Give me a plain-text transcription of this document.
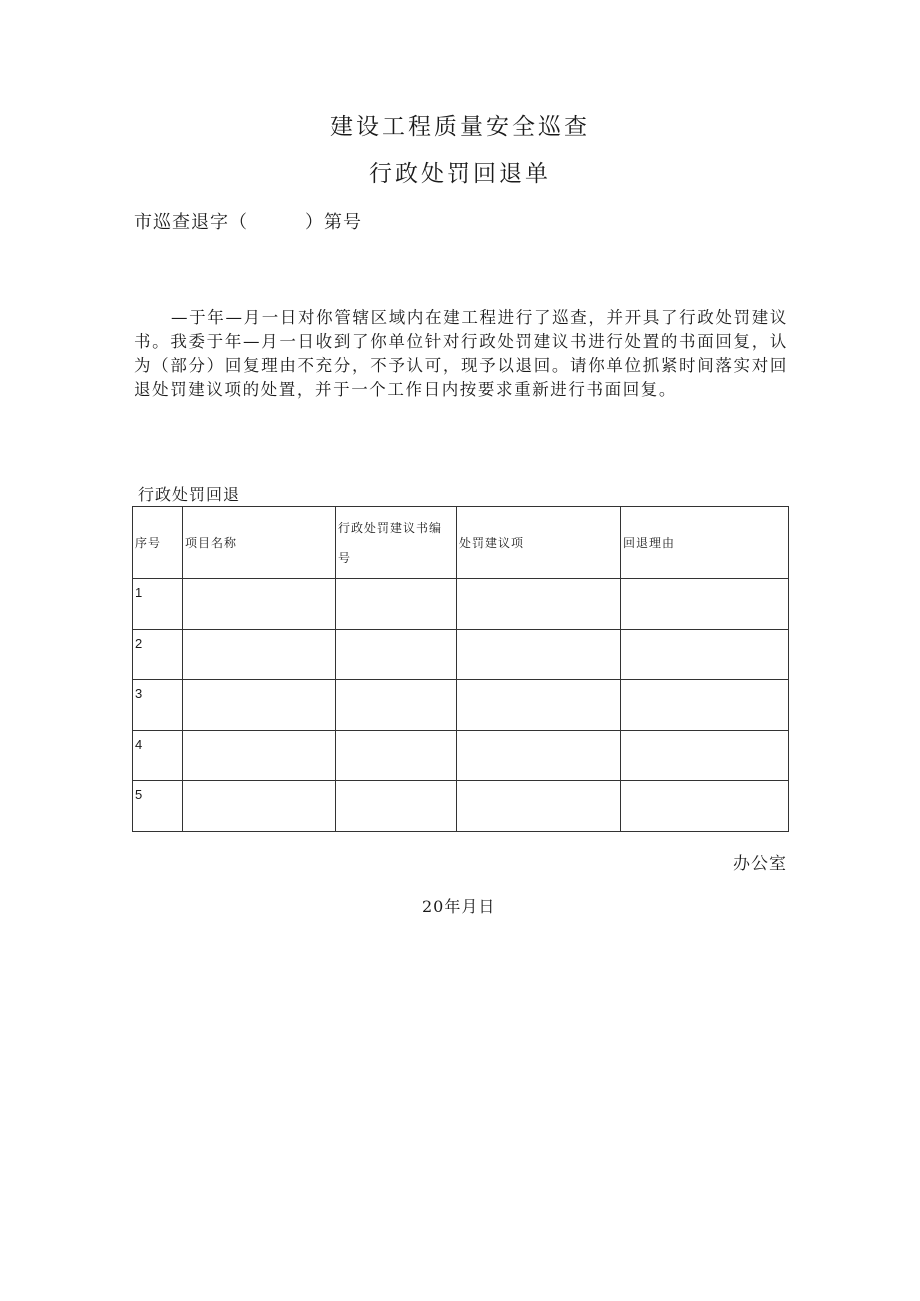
建设工程质量安全巡查
行政处罚回退单
市巡查退字（　　　）第号

—于年—月一日对你管辖区域内在建工程进行了巡查，并开具了行政处罚建议书。我委于年—月一日收到了你单位针对行政处罚建议书进行处置的书面回复，认为（部分）回复理由不充分，不予认可，现予以退回。请你单位抓紧时间落实对回退处罚建议项的处置，并于一个工作日内按要求重新进行书面回复。

行政处罚回退
序号	项目名称	行政处罚建议书编号	处罚建议项	回退理由
1				
2				
3				
4				
5				
办公室
20年月日
